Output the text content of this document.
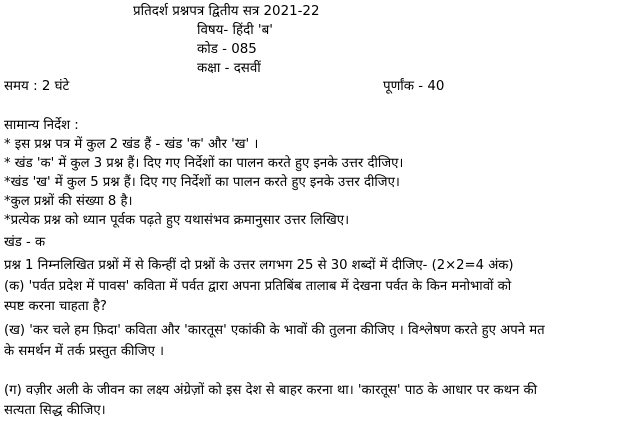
प्रतिदर्श प्रश्नपत्र द्वितीय सत्र 2021-22
विषय- हिंदी 'ब'
कोड - 085
कक्षा - दसवीं
समय : 2 घंटे	पूर्णांक - 40
सामान्य निर्देश :
* इस प्रश्न पत्र में कुल 2 खंड हैं - खंड 'क' और 'ख' ।
* खंड 'क' में कुल 3 प्रश्न हैं। दिए गए निर्देशों का पालन करते हुए इनके उत्तर दीजिए।
*खंड 'ख' में कुल 5 प्रश्न हैं। दिए गए निर्देशों का पालन करते हुए इनके उत्तर दीजिए।
*कुल प्रश्नों की संख्या 8 है।
*प्रत्येक प्रश्न को ध्यान पूर्वक पढ़ते हुए यथासंभव क्रमानुसार उत्तर लिखिए।
खंड - क
प्रश्न 1 निम्नलिखित प्रश्नों में से किन्हीं दो प्रश्नों के उत्तर लगभग 25 से 30 शब्दों में दीजिए- (2×2=4 अंक)
(क) 'पर्वत प्रदेश में पावस' कविता में पर्वत द्वारा अपना प्रतिबिंब तालाब में देखना पर्वत के किन मनोभावों को
स्पष्ट करना चाहता है?
(ख) 'कर चले हम फ़िदा' कविता और 'कारतूस' एकांकी के भावों की तुलना कीजिए । विश्लेषण करते हुए अपने मत
के समर्थन में तर्क प्रस्तुत कीजिए ।
(ग) वज़ीर अली के जीवन का लक्ष्य अंग्रेज़ों को इस देश से बाहर करना था। 'कारतूस' पाठ के आधार पर कथन की
सत्यता सिद्ध कीजिए।
